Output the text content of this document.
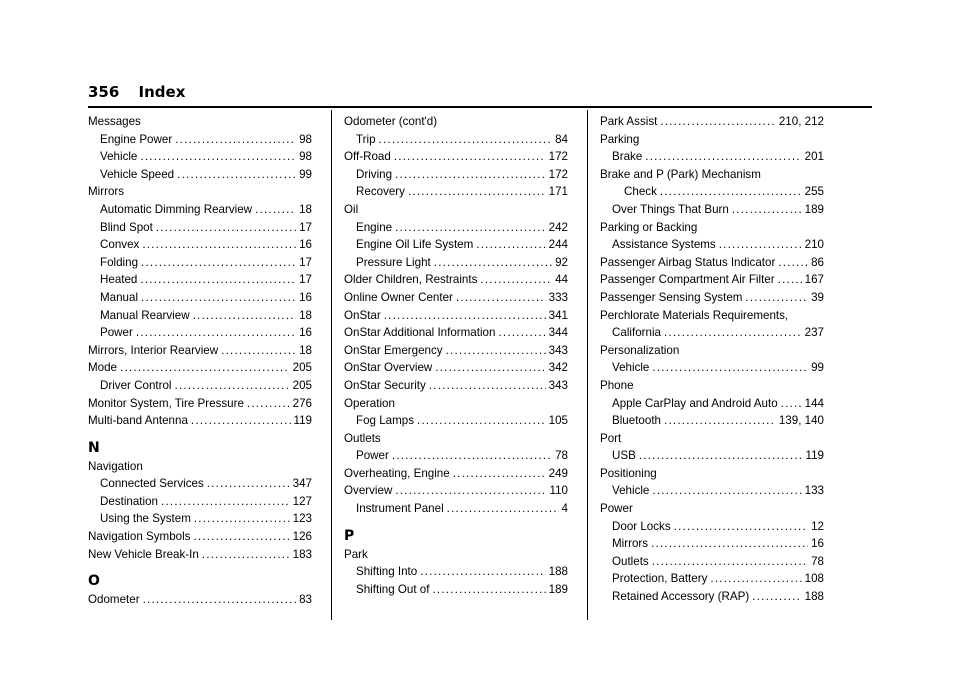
356 Index
Messages
Engine Power . . .	98
Vehicle . . .	98
Vehicle Speed . . .	99
Mirrors
Automatic Dimming Rearview . . .	18
Blind Spot . . .	17
Convex . . .	16
Folding . . .	17
Heated . . .	17
Manual . . .	16
Manual Rearview . . .	18
Power . . .	16
Mirrors, Interior Rearview . . .	18
Mode . . .	205
Driver Control . . .	205
Monitor System, Tire Pressure . . .	276
Multi-band Antenna . . .	119
N
Navigation
Connected Services . . .	347
Destination . . .	127
Using the System . . .	123
Navigation Symbols . . .	126
New Vehicle Break-In . . .	183
O
Odometer . . .	83
Odometer (cont'd)
Trip . . .	84
Off-Road . . .	172
Driving . . .	172
Recovery . . .	171
Oil
Engine . . .	242
Engine Oil Life System . . .	244
Pressure Light . . .	92
Older Children, Restraints . . .	44
Online Owner Center . . .	333
OnStar . . .	341
OnStar Additional Information . . .	344
OnStar Emergency . . .	343
OnStar Overview . . .	342
OnStar Security . . .	343
Operation
Fog Lamps . . .	105
Outlets
Power . . .	78
Overheating, Engine . . .	249
Overview . . .	110
Instrument Panel . . .	4
P
Park
Shifting Into . . .	188
Shifting Out of . . .	189
Park Assist . . .	210, 212
Parking
Brake . . .	201
Brake and P (Park) Mechanism
Check . . .	255
Over Things That Burn . . .	189
Parking or Backing
Assistance Systems . . .	210
Passenger Airbag Status Indicator . . .	86
Passenger Compartment Air Filter . . .	167
Passenger Sensing System . . .	39
Perchlorate Materials Requirements,
California . . .	237
Personalization
Vehicle . . .	99
Phone
Apple CarPlay and Android Auto . . . 144
Bluetooth . . .	139, 140
Port
USB . . .	119
Positioning
Vehicle . . .	133
Power
Door Locks . . .	12
Mirrors . . .	16
Outlets . . .	78
Protection, Battery . . .	108
Retained Accessory (RAP) . . .	188
